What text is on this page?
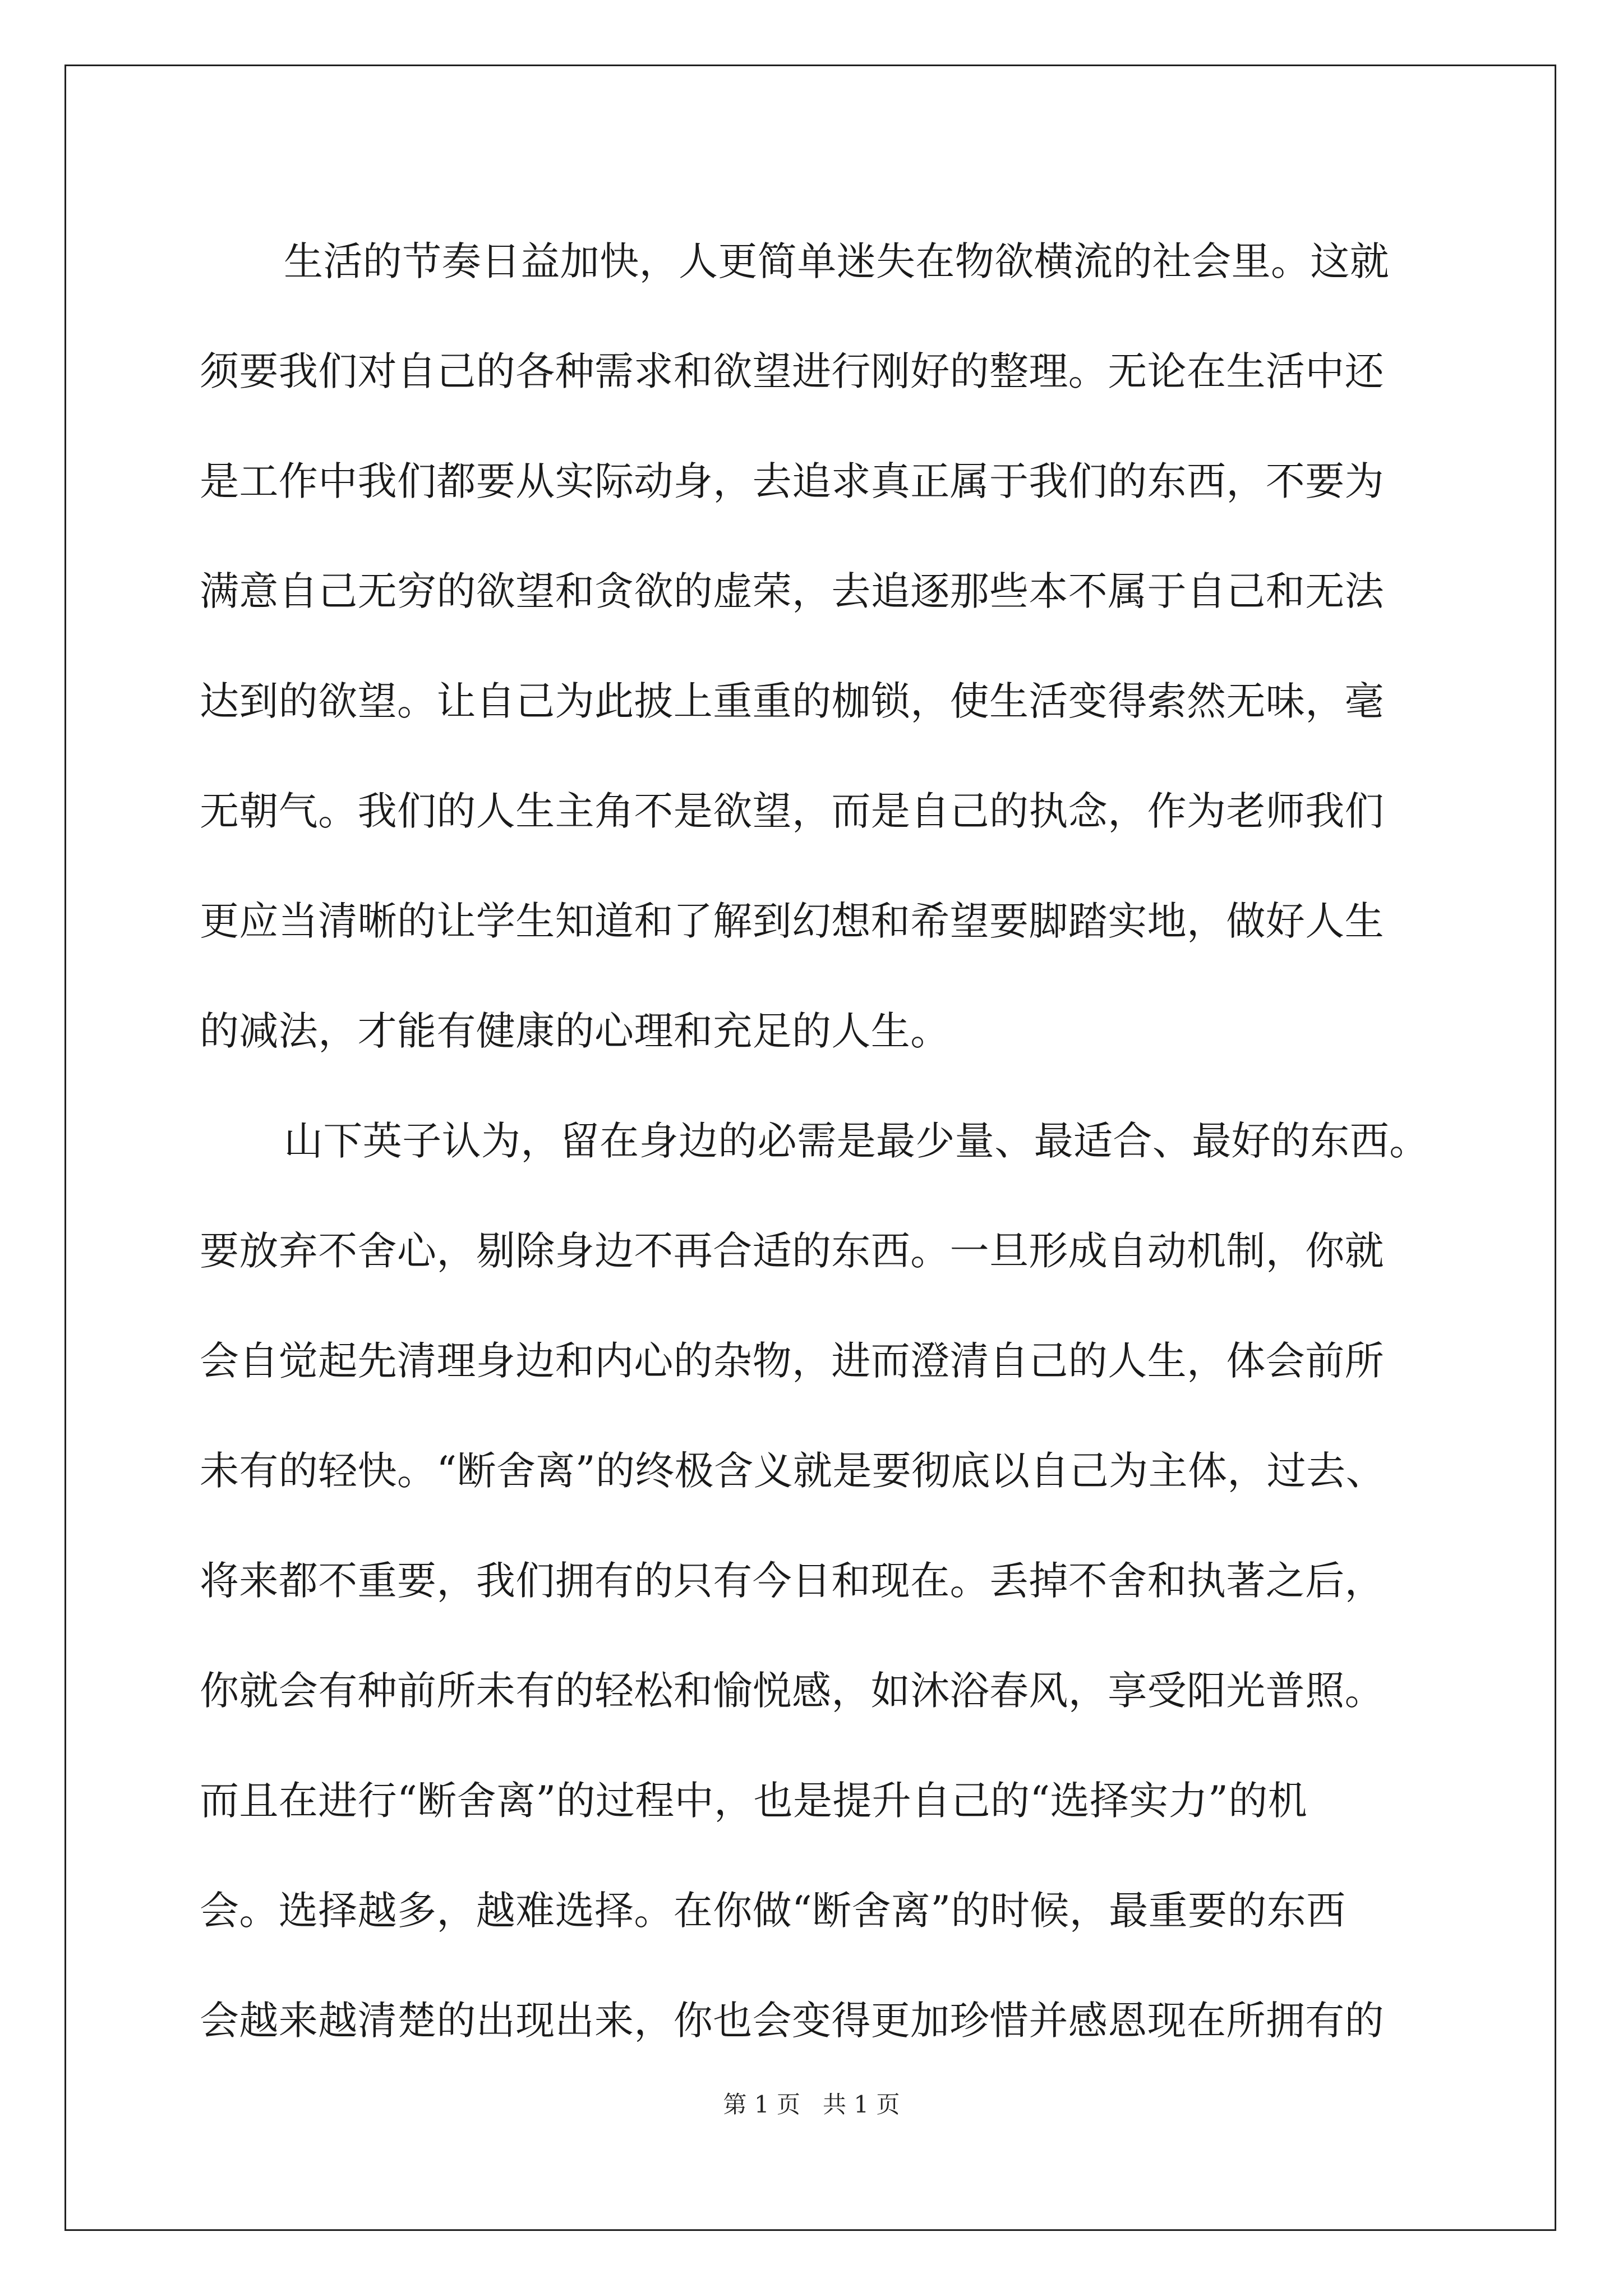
生活的节奏日益加快，人更简单迷失在物欲横流的社会里。这就
须要我们对自己的各种需求和欲望进行刚好的整理。无论在生活中还
是工作中我们都要从实际动身，去追求真正属于我们的东西，不要为
满意自己无穷的欲望和贪欲的虚荣，去追逐那些本不属于自己和无法
达到的欲望。让自己为此披上重重的枷锁，使生活变得索然无味，毫
无朝气。我们的人生主角不是欲望，而是自己的执念，作为老师我们
更应当清晰的让学生知道和了解到幻想和希望要脚踏实地，做好人生
的减法，才能有健康的心理和充足的人生。
山下英子认为，留在身边的必需是最少量、最适合、最好的东西。
要放弃不舍心，剔除身边不再合适的东西。一旦形成自动机制，你就
会自觉起先清理身边和内心的杂物，进而澄清自己的人生，体会前所
未有的轻快。“断舍离”的终极含义就是要彻底以自己为主体，过去、
将来都不重要，我们拥有的只有今日和现在。丢掉不舍和执著之后，
你就会有种前所未有的轻松和愉悦感，如沐浴春风，享受阳光普照。
而且在进行“断舍离”的过程中，也是提升自己的“选择实力”的机
会。选择越多，越难选择。在你做“断舍离”的时候，最重要的东西
会越来越清楚的出现出来，你也会变得更加珍惜并感恩现在所拥有的
第 1 页   共 1 页
